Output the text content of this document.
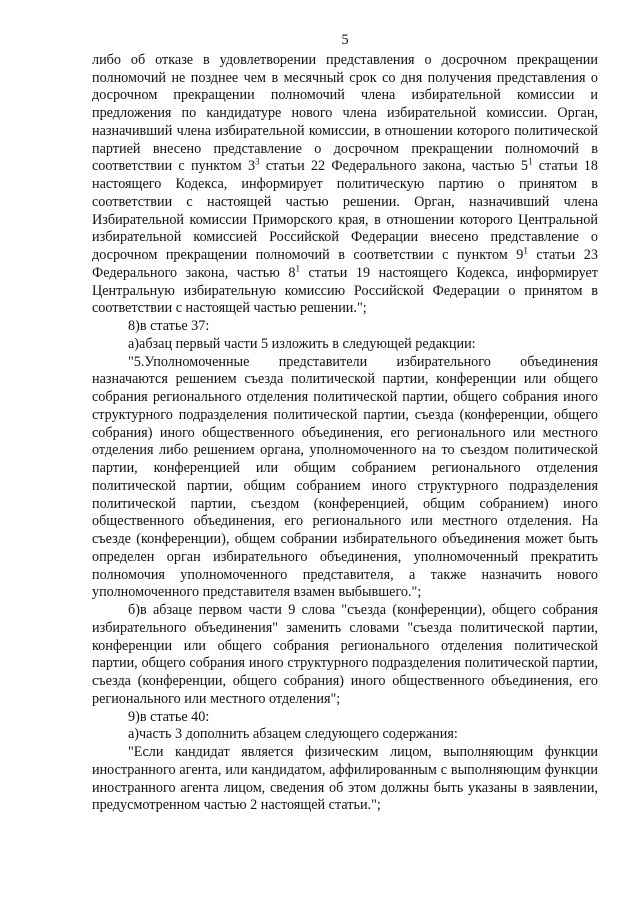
5

либо об отказе в удовлетворении представления о досрочном прекращении полномочий не позднее чем в месячный срок со дня получения представления о досрочном прекращении полномочий члена избирательной комиссии и предложения по кандидатуре нового члена избирательной комиссии. Орган, назначивший члена избирательной комиссии, в отношении которого политической партией внесено представление о досрочном прекращении полномочий в соответствии с пунктом $3^3$ статьи 22 Федерального закона, частью $5^1$ статьи 18 настоящего Кодекса, информирует политическую партию о принятом в соответствии с настоящей частью решении. Орган, назначивший члена Избирательной комиссии Приморского края, в отношении которого Центральной избирательной комиссией Российской Федерации внесено представление о досрочном прекращении полномочий в соответствии с пунктом $9^1$ статьи 23 Федерального закона, частью $8^1$ статьи 19 настоящего Кодекса, информирует Центральную избирательную комиссию Российской Федерации о принятом в соответствии с настоящей частью решении.";

8)в статье 37:

а)абзац первый части 5 изложить в следующей редакции:

"5.Уполномоченные представители избирательного объединения назначаются решением съезда политической партии, конференции или общего собрания регионального отделения политической партии, общего собрания иного структурного подразделения политической партии, съезда (конференции, общего собрания) иного общественного объединения, его регионального или местного отделения либо решением органа, уполномоченного на то съездом политической партии, конференцией или общим собранием регионального отделения политической партии, общим собранием иного структурного подразделения политической партии, съездом (конференцией, общим собранием) иного общественного объединения, его регионального или местного отделения. На съезде (конференции), общем собрании избирательного объединения может быть определен орган избирательного объединения, уполномоченный прекратить полномочия уполномоченного представителя, а также назначить нового уполномоченного представителя взамен выбывшего.";

б)в абзаце первом части 9 слова "съезда (конференции), общего собрания избирательного объединения" заменить словами "съезда политической партии, конференции или общего собрания регионального отделения политической партии, общего собрания иного структурного подразделения политической партии, съезда (конференции, общего собрания) иного общественного объединения, его регионального или местного отделения";

9)в статье 40:

а)часть 3 дополнить абзацем следующего содержания:

"Если кандидат является физическим лицом, выполняющим функции иностранного агента, или кандидатом, аффилированным с выполняющим функции иностранного агента лицом, сведения об этом должны быть указаны в заявлении, предусмотренном частью 2 настоящей статьи.";
